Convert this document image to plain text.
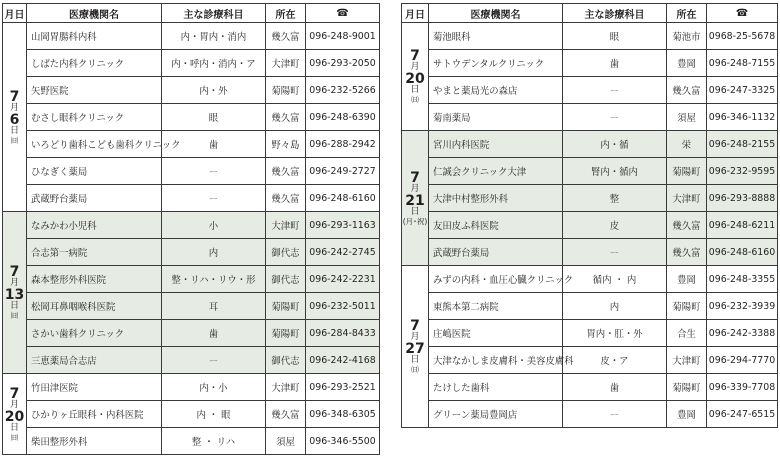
月日	医療機関名	主な診療科目	所在	☎

7
月
6
日
㈰	山岡胃腸科内科	内・胃内・消内	幾久富	096-248-9001
	しばた内科クリニック	内・呼内・消内・ア	大津町	096-293-2050
	矢野医院	内・外	菊陽町	096-232-5266
	むさし眼科クリニック	眼	幾久富	096-248-6390
	いろどり歯科こども歯科クリニック	歯	野々島	096-288-2942
	ひなぎく薬局	ー	幾久富	096-249-2727
	武蔵野台薬局	ー	幾久富	096-248-6160

7
月
13
日
㈰	なみかわ小児科	小	大津町	096-293-1163
	合志第一病院	内	御代志	096-242-2745
	森本整形外科医院	整・リハ・リウ・形	御代志	096-242-2231
	松岡耳鼻咽喉科医院	耳	菊陽町	096-232-5011
	さかい歯科クリニック	歯	菊陽町	096-284-8433
	三恵薬局合志店	ー	御代志	096-242-4168

7
月
20
日
㈰	竹田津医院	内・小	大津町	096-293-2521
	ひかりヶ丘眼科・内科医院	内 ・ 眼	幾久富	096-348-6305
	柴田整形外科	整 ・ リハ	須屋	096-346-5500
月日	医療機関名	主な診療科目	所在	☎

7
月
20
日
㈰	菊池眼科	眼	菊池市	0968-25-5678
	サトウデンタルクリニック	歯	豊岡	096-248-7155
	やまと薬局光の森店	ー	幾久富	096-247-3325
	菊南薬局	ー	須屋	096-346-1132

7
月
21
日
(月･祝)	宮川内科医院	内・循	栄	096-248-2155
	仁誠会クリニック大津	腎内・循内	菊陽町	096-232-9595
	大津中村整形外科	整	大津町	096-293-8888
	友田皮ふ科医院	皮	幾久富	096-248-6211
	武蔵野台薬局	ー	幾久富	096-248-6160

7
月
27
日
㈰	みずの内科・血圧心臓クリニック	循内 ・ 内	豊岡	096-248-3355
	東熊本第二病院	内	菊陽町	096-232-3939
	庄嶋医院	胃内・肛・外	合生	096-242-3388
	大津なかしま皮膚科・美容皮膚科	皮・ア	大津町	096-294-7770
	たけした歯科	歯	菊陽町	096-339-7708
	グリーン薬局豊岡店	ー	豊岡	096-247-6515
